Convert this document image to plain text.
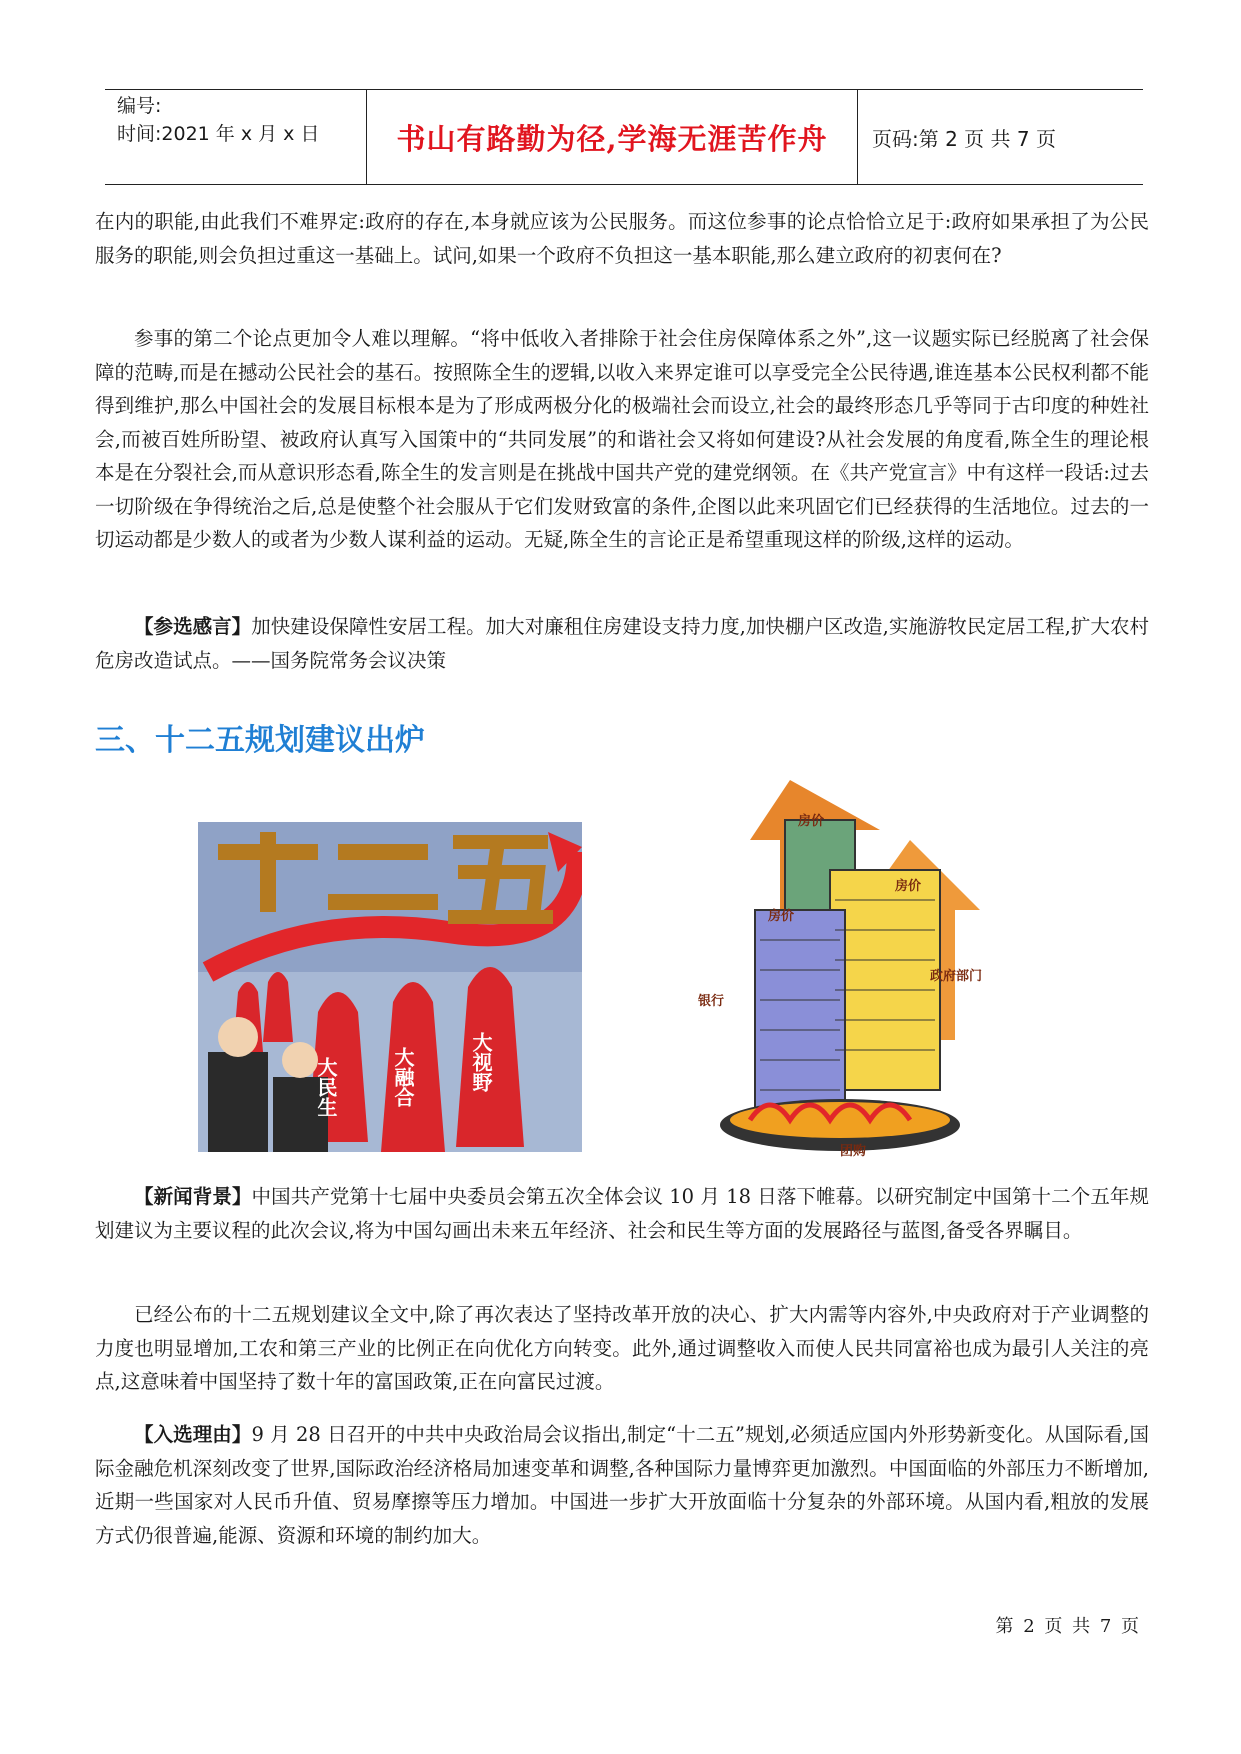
编号:
时间:2021 年 x 月 x 日	书山有路勤为径,学海无涯苦作舟	页码:第 2 页 共 7 页
在内的职能,由此我们不难界定:政府的存在,本身就应该为公民服务。而这位参事的论点恰恰立足于:政府如果承担了为公民服务的职能,则会负担过重这一基础上。试问,如果一个政府不负担这一基本职能,那么建立政府的初衷何在?
参事的第二个论点更加令人难以理解。“将中低收入者排除于社会住房保障体系之外”,这一议题实际已经脱离了社会保障的范畴,而是在撼动公民社会的基石。按照陈全生的逻辑,以收入来界定谁可以享受完全公民待遇,谁连基本公民权利都不能得到维护,那么中国社会的发展目标根本是为了形成两极分化的极端社会而设立,社会的最终形态几乎等同于古印度的种姓社会,而被百姓所盼望、被政府认真写入国策中的“共同发展”的和谐社会又将如何建设?从社会发展的角度看,陈全生的理论根本是在分裂社会,而从意识形态看,陈全生的发言则是在挑战中国共产党的建党纲领。在《共产党宣言》中有这样一段话:过去一切阶级在争得统治之后,总是使整个社会服从于它们发财致富的条件,企图以此来巩固它们已经获得的生活地位。过去的一切运动都是少数人的或者为少数人谋利益的运动。无疑,陈全生的言论正是希望重现这样的阶级,这样的运动。
【参选感言】加快建设保障性安居工程。加大对廉租住房建设支持力度,加快棚户区改造,实施游牧民定居工程,扩大农村危房改造试点。——国务院常务会议决策
三、十二五规划建议出炉
大民生	大融合	大视野
房价
房价
房价
银行
政府部门
团购
【新闻背景】中国共产党第十七届中央委员会第五次全体会议 10 月 18 日落下帷幕。以研究制定中国第十二个五年规划建议为主要议程的此次会议,将为中国勾画出未来五年经济、社会和民生等方面的发展路径与蓝图,备受各界瞩目。
已经公布的十二五规划建议全文中,除了再次表达了坚持改革开放的决心、扩大内需等内容外,中央政府对于产业调整的力度也明显增加,工农和第三产业的比例正在向优化方向转变。此外,通过调整收入而使人民共同富裕也成为最引人关注的亮点,这意味着中国坚持了数十年的富国政策,正在向富民过渡。
【入选理由】9 月 28 日召开的中共中央政治局会议指出,制定“十二五”规划,必须适应国内外形势新变化。从国际看,国际金融危机深刻改变了世界,国际政治经济格局加速变革和调整,各种国际力量博弈更加激烈。中国面临的外部压力不断增加,近期一些国家对人民币升值、贸易摩擦等压力增加。中国进一步扩大开放面临十分复杂的外部环境。从国内看,粗放的发展方式仍很普遍,能源、资源和环境的制约加大。
第 2 页 共 7 页
